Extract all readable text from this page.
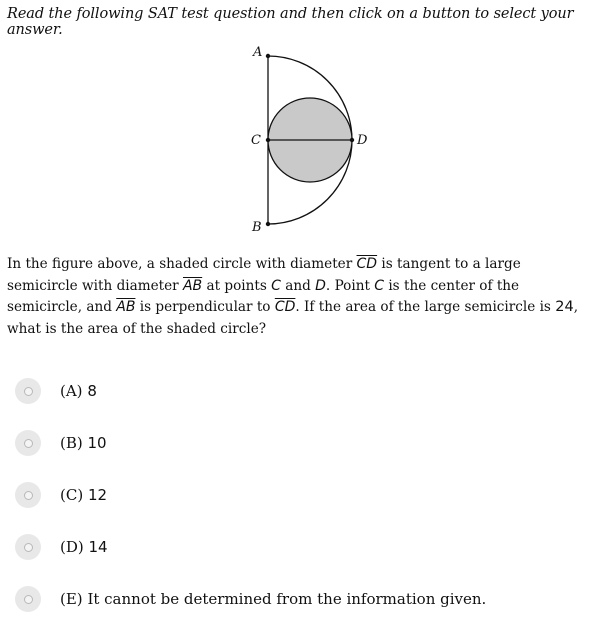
Read the following SAT test question and then click on a button to select your answer.
A
B
C	D
In the figure above, a shaded circle with diameter $\overline{CD}$ is tangent to a large semicircle with diameter $\overline{AB}$ at points C and D. Point C is the center of the semicircle, and $\overline{AB}$ is perpendicular to $\overline{CD}$. If the area of the large semicircle is 24, what is the area of the shaded circle?
(A) 8
(B) 10
(C) 12
(D) 14
(E) It cannot be determined from the information given.
